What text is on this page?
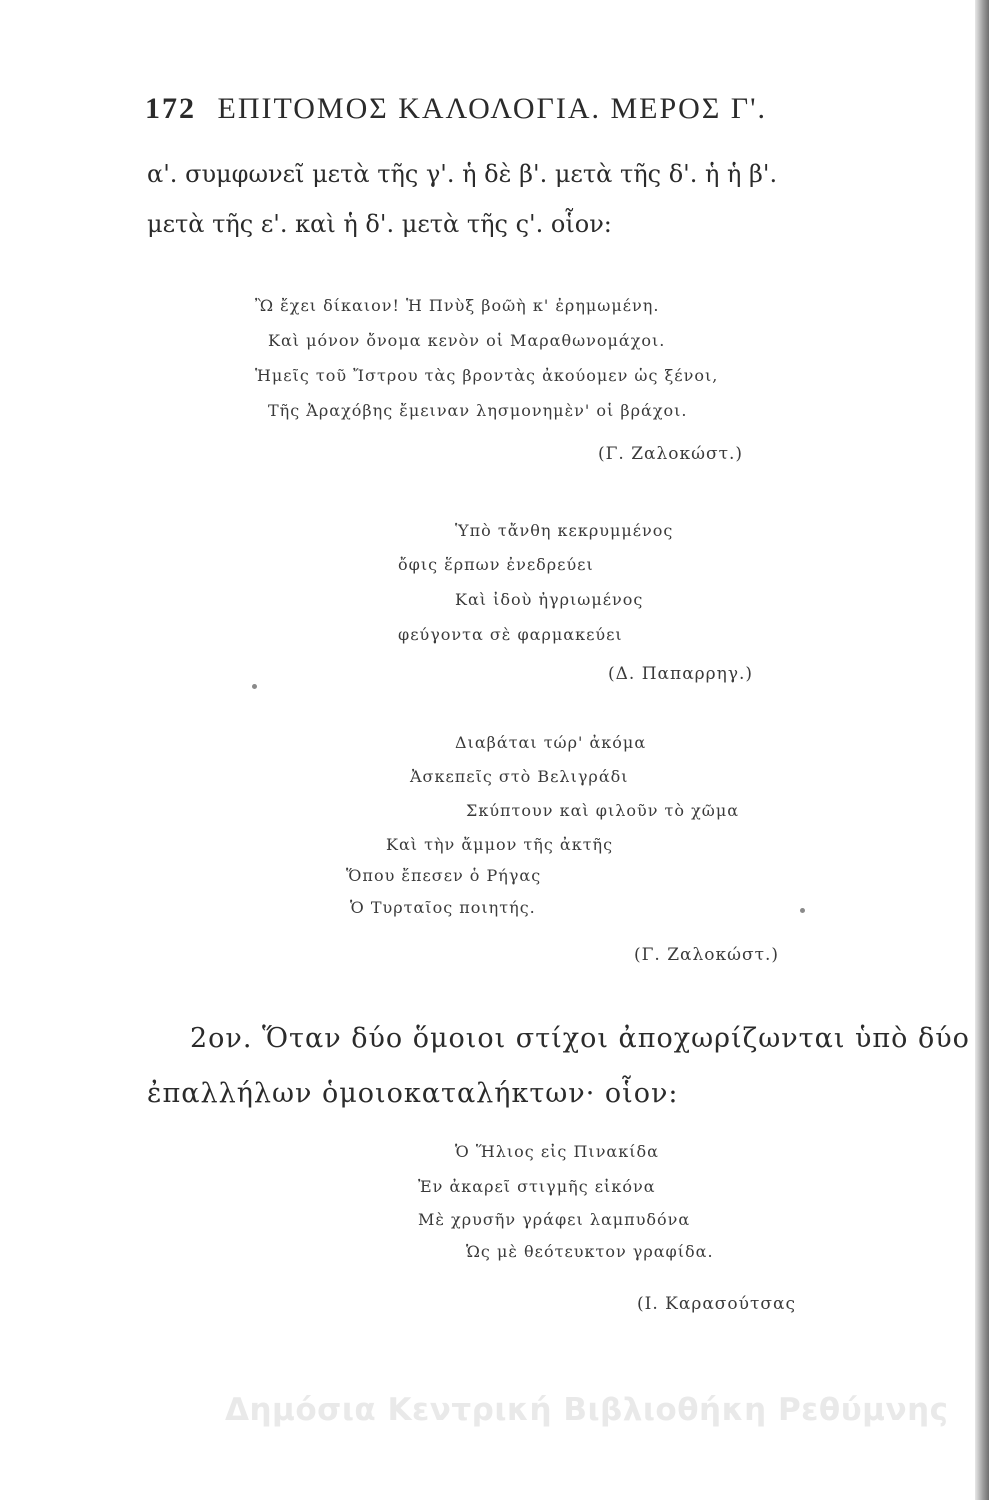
172 ΕΠΙΤΟΜΟΣ ΚΑΛΟΛΟΓΙΑ. ΜΕΡΟΣ Γ'.
α'. συμφωνεῖ μετὰ τῆς γ'. ἡ δὲ β'. μετὰ τῆς δ'. ἡ ἡ β'.
μετὰ τῆς ε'. καὶ ἡ δ'. μετὰ τῆς ς'. οἷον:
Ὢ ἔχει δίκαιον! Ἡ Πνὺξ βοῶὴ κ' ἐρημωμένη.
Καὶ μόνον ὄνομα κενὸν οἱ Μαραθωνομάχοι.
Ἡμεῖς τοῦ Ἴστρου τὰς βροντὰς ἀκούομεν ὡς ξένοι,
Τῆς Ἀραχόβης ἔμειναν λησμονημὲν' οἱ βράχοι.
(Γ. Ζαλοκώστ.)
Ὑπὸ τἄνθη κεκρυμμένος
ὄφις ἕρπων ἐνεδρεύει
Καὶ ἰδοὺ ἠγριωμένος
φεύγοντα σὲ φαρμακεύει
(Δ. Παπαρρηγ.)
Διαβάται τώρ' ἀκόμα
Ἀσκεπεῖς στὸ Βελιγράδι
Σκύπτουν καὶ φιλοῦν τὸ χῶμα
Καὶ τὴν ἄμμον τῆς ἀκτῆς
Ὅπου ἔπεσεν ὁ Ρήγας
Ὁ Τυρταῖος ποιητής.
(Γ. Ζαλοκώστ.)
2ον. Ὅταν δύο ὅμοιοι στίχοι ἀποχωρίζωνται ὑπὸ δύο
ἐπαλλήλων ὁμοιοκαταλήκτων· οἷον:
Ὁ Ἥλιος εἰς Πινακίδα
Ἐν ἀκαρεῖ στιγμῆς εἰκόνα
Μὲ χρυσῆν γράφει λαμπυδόνα
Ὡς μὲ θεότευκτον γραφίδα.
(Ι. Καρασούτσας
Δημόσια Κεντρική Βιβλιοθήκη Ρεθύμνης
